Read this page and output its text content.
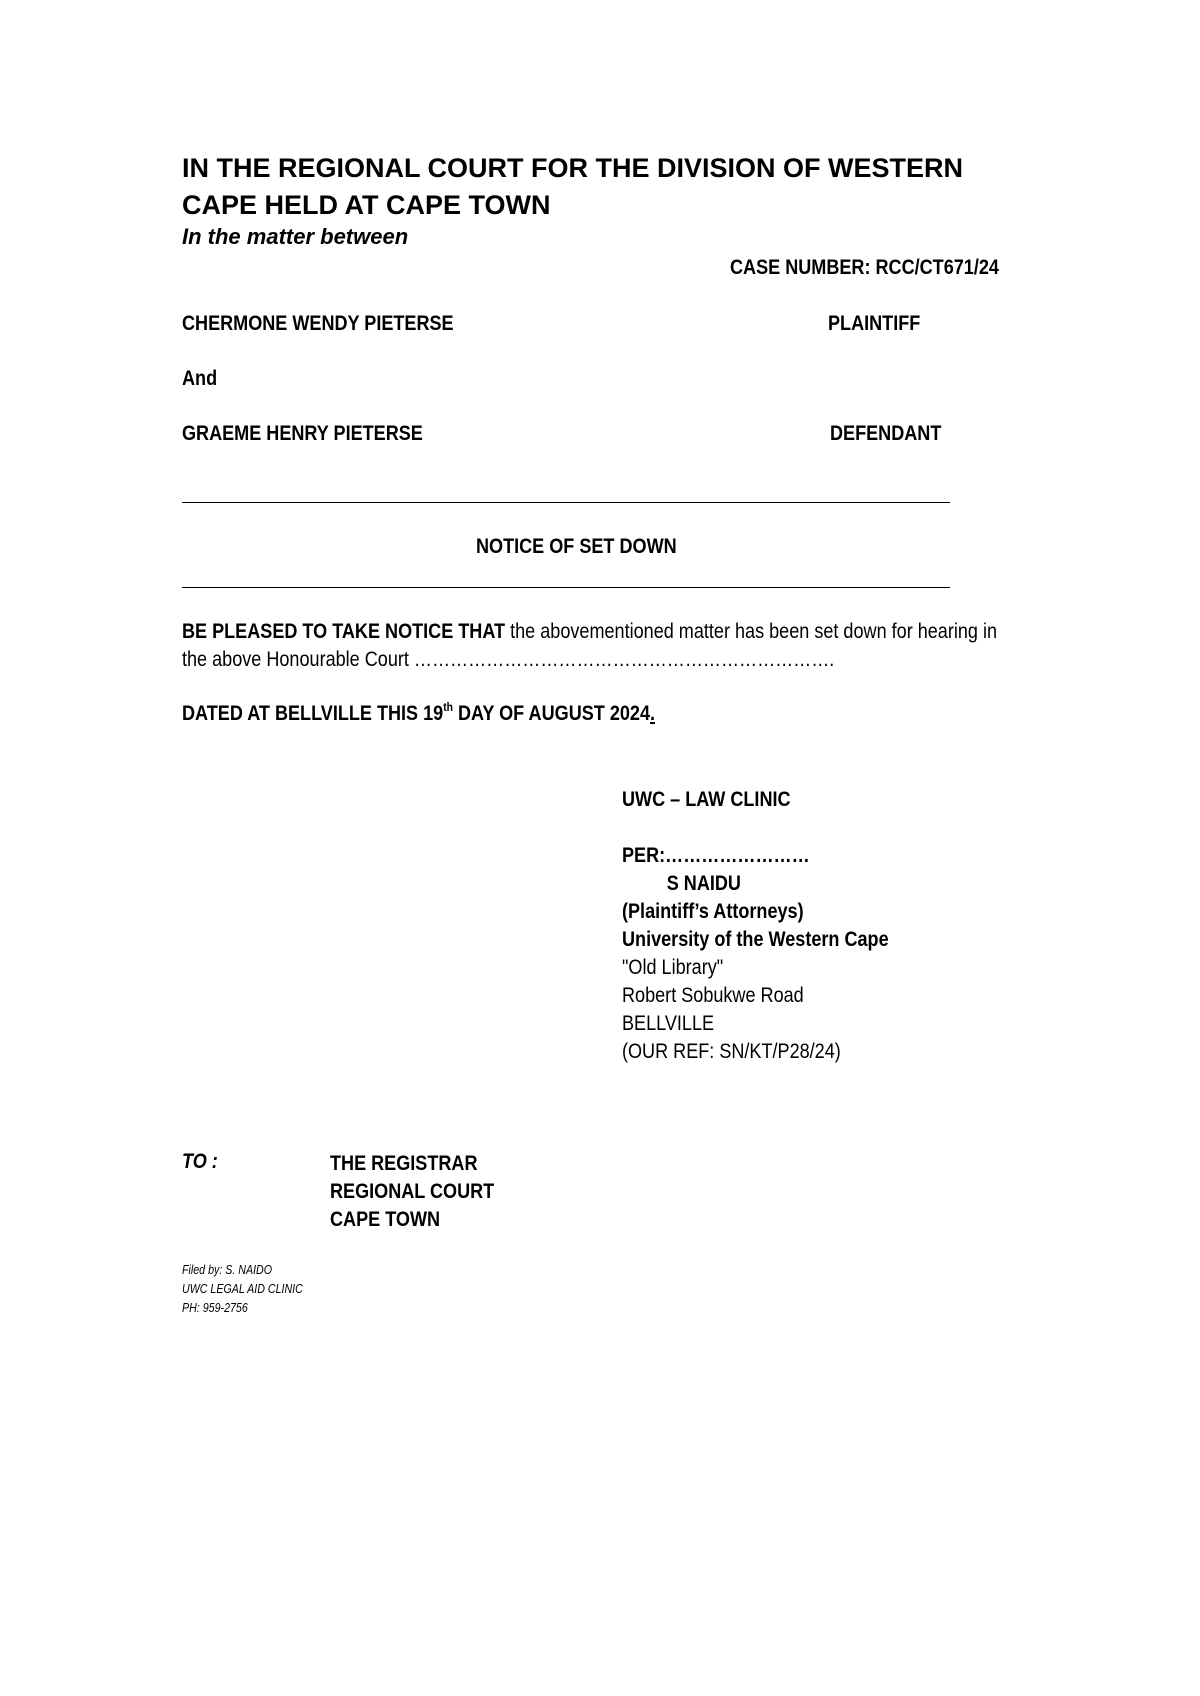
IN THE REGIONAL COURT FOR THE DIVISION OF WESTERN CAPE HELD AT CAPE TOWN
In the matter between
CASE NUMBER: RCC/CT671/24
CHERMONE WENDY PIETERSE	PLAINTIFF
And
GRAEME HENRY PIETERSE	DEFENDANT
NOTICE OF SET DOWN
BE PLEASED TO TAKE NOTICE THAT the abovementioned matter has been set down for hearing in the above Honourable Court …………………………………………………………….
DATED AT BELLVILLE THIS 19th DAY OF AUGUST 2024.
UWC – LAW CLINIC
PER:……………………
S NAIDU
(Plaintiff’s Attorneys)
University of the Western Cape
"Old Library"
Robert Sobukwe Road
BELLVILLE
(OUR REF: SN/KT/P28/24)
TO :	THE REGISTRAR
REGIONAL COURT
CAPE TOWN
Filed by: S. NAIDO
UWC LEGAL AID CLINIC
PH: 959-2756
